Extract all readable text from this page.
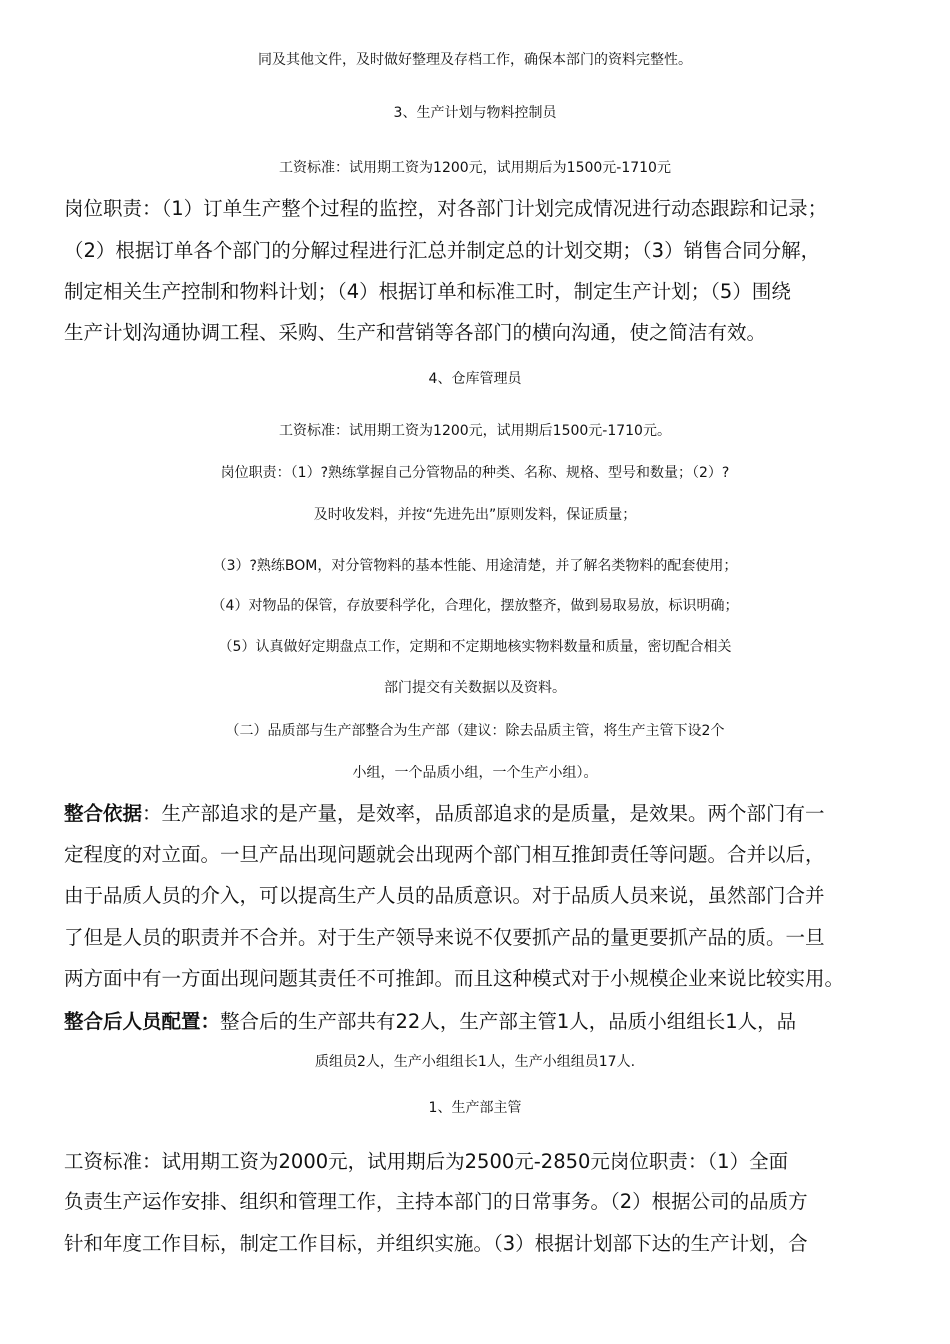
同及其他文件，及时做好整理及存档工作，确保本部门的资料完整性。
3、生产计划与物料控制员
工资标准：试用期工资为1200元，试用期后为1500元-1710元
岗位职责：（1）订单生产整个过程的监控，对各部门计划完成情况进行动态跟踪和记录；
（2）根据订单各个部门的分解过程进行汇总并制定总的计划交期；（3）销售合同分解，
制定相关生产控制和物料计划；（4）根据订单和标准工时，制定生产计划；（5）围绕
生产计划沟通协调工程、采购、生产和营销等各部门的横向沟通，使之简洁有效。
4、仓库管理员
工资标准：试用期工资为1200元，试用期后1500元-1710元。
岗位职责：（1）?熟练掌握自己分管物品的种类、名称、规格、型号和数量；（2）?
及时收发料，并按“先进先出”原则发料，保证质量；
（3）?熟练BOM，对分管物料的基本性能、用途清楚，并了解名类物料的配套使用；
（4）对物品的保管，存放要科学化，合理化，摆放整齐，做到易取易放，标识明确；
（5）认真做好定期盘点工作，定期和不定期地核实物料数量和质量，密切配合相关
部门提交有关数据以及资料。
（二）品质部与生产部整合为生产部（建议：除去品质主管，将生产主管下设2个
小组，一个品质小组，一个生产小组）。
整合依据：生产部追求的是产量，是效率，品质部追求的是质量，是效果。两个部门有一
定程度的对立面。一旦产品出现问题就会出现两个部门相互推卸责任等问题。合并以后，
由于品质人员的介入，可以提高生产人员的品质意识。对于品质人员来说，虽然部门合并
了但是人员的职责并不合并。对于生产领导来说不仅要抓产品的量更要抓产品的质。一旦
两方面中有一方面出现问题其责任不可推卸。而且这种模式对于小规模企业来说比较实用。
整合后人员配置：整合后的生产部共有22人，生产部主管1人，品质小组组长1人，品
质组员2人，生产小组组长1人，生产小组组员17人.
1、生产部主管
工资标准：试用期工资为2000元，试用期后为2500元-2850元岗位职责：（1）全面
负责生产运作安排、组织和管理工作，主持本部门的日常事务。（2）根据公司的品质方
针和年度工作目标，制定工作目标，并组织实施。（3）根据计划部下达的生产计划，合
